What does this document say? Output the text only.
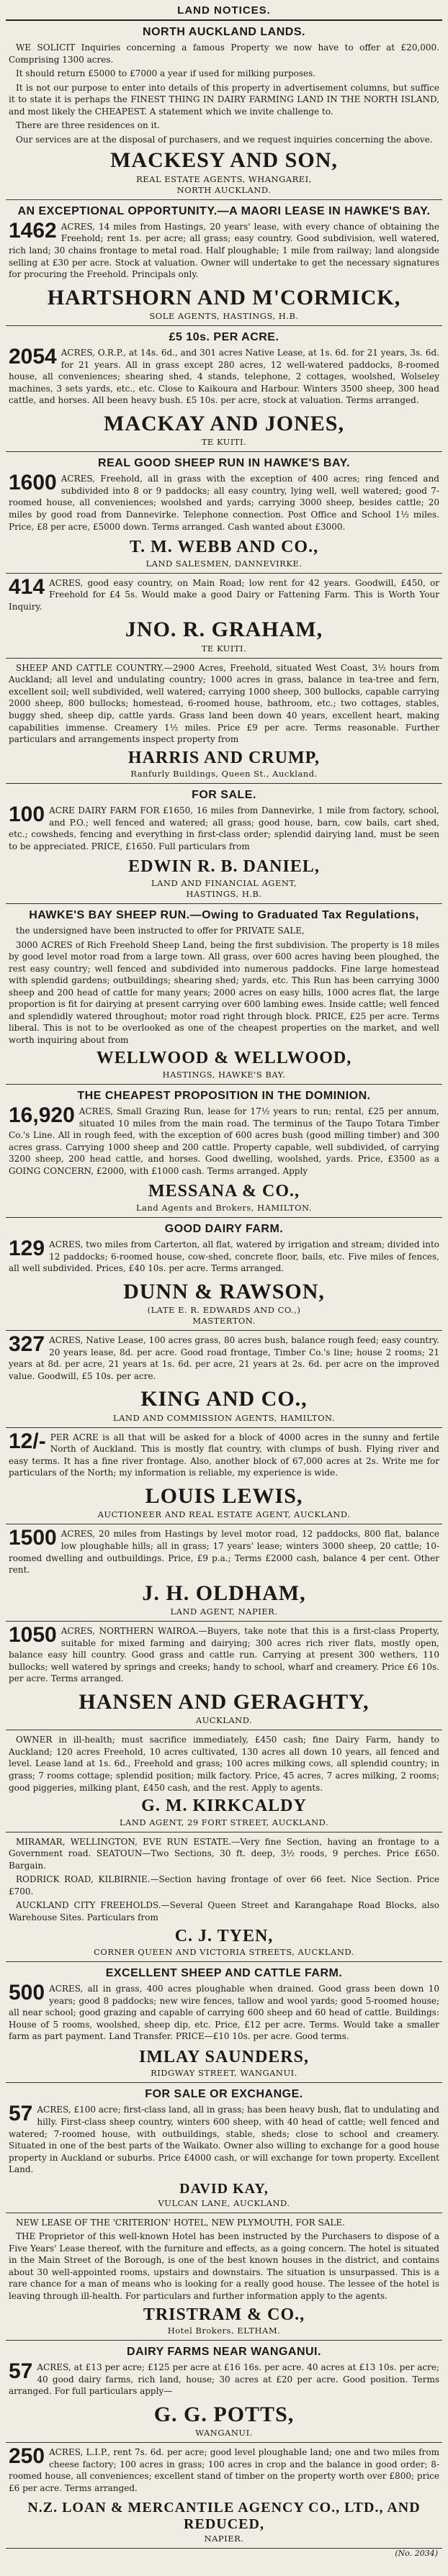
LAND NOTICES.
NORTH AUCKLAND LANDS.

WE SOLICIT Inquiries concerning a famous Property we now have to offer at £20,000. Comprising 1300 acres.

It should return £5000 to £7000 a year if used for milking purposes.

It is not our purpose to enter into details of this property in advertisement columns, but suffice it to state it is perhaps the FINEST THING IN DAIRY FARMING LAND IN THE NORTH ISLAND, and most likely the CHEAPEST. A statement which we invite challenge to.

There are three residences on it.

Our services are at the disposal of purchasers, and we request inquiries concerning the above.

MACKESY AND SON,
REAL ESTATE AGENTS, WHANGAREI,
NORTH AUCKLAND.
AN EXCEPTIONAL OPPORTUNITY.—A MAORI LEASE IN HAWKE'S BAY.

1462 ACRES, 14 miles from Hastings, 20 years' lease, with every chance of obtaining the Freehold; rent 1s. per acre; all grass; easy country. Good subdivision, well watered, rich land; 30 chains frontage to metal road. Half ploughable; 1 mile from railway; land alongside selling at £30 per acre. Stock at valuation. Owner will undertake to get the necessary signatures for procuring the Freehold. Principals only.

HARTSHORN AND M'CORMICK,
SOLE AGENTS, HASTINGS, H.B.
£5 10s. PER ACRE.

2054 ACRES, O.R.P., at 14s. 6d., and 301 acres Native Lease, at 1s. 6d. for 21 years, 3s. 6d. for 21 years. All in grass except 280 acres, 12 well-watered paddocks, 8-roomed house, all conveniences; shearing shed, 4 stands, telephone, 2 cottages, woolshed, Wolseley machines, 3 sets yards, etc., etc. Close to Kaikoura and Harbour. Winters 3500 sheep, 300 head cattle, and horses. All been heavy bush. £5 10s. per acre, stock at valuation. Terms arranged.

MACKAY AND JONES,
TE KUITI.
REAL GOOD SHEEP RUN IN HAWKE'S BAY.

1600 ACRES, Freehold, all in grass with the exception of 400 acres; ring fenced and subdivided into 8 or 9 paddocks; all easy country, lying well, well watered; good 7-roomed house, all conveniences; woolshed and yards; carrying 3000 sheep, besides cattle; 20 miles by good road from Dannevirke. Telephone connection. Post Office and School 1½ miles. Price, £8 per acre, £5000 down. Terms arranged. Cash wanted about £3000.

T. M. WEBB AND CO.,
LAND SALESMEN, DANNEVIRKE.

414 ACRES, good easy country, on Main Road; low rent for 42 years. Goodwill, £450, or Freehold for £4 5s. Would make a good Dairy or Fattening Farm. This is Worth Your Inquiry.

JNO. R. GRAHAM,
TE KUITI.

SHEEP AND CATTLE COUNTRY.—2900 Acres, Freehold, situated West Coast, 3½ hours from Auckland; all level and undulating country; 1000 acres in grass, balance in tea-tree and fern, excellent soil; well subdivided, well watered; carrying 1000 sheep, 300 bullocks, capable carrying 2000 sheep, 800 bullocks; homestead, 6-roomed house, bathroom, etc.; two cottages, stables, buggy shed, sheep dip, cattle yards. Grass land been down 40 years, excellent heart, making capabilities immense. Creamery 1½ miles. Price £9 per acre. Terms reasonable. Further particulars and arrangements inspect property from

HARRIS AND CRUMP,
Ranfurly Buildings, Queen St., Auckland.
FOR SALE.

100 ACRE DAIRY FARM FOR £1650, 16 miles from Dannevirke, 1 mile from factory, school, and P.O.; well fenced and watered; all grass; good house, barn, cow bails, cart shed, etc.; cowsheds, fencing and everything in first-class order; splendid dairying land, must be seen to be appreciated. PRICE, £1650. Full particulars from

EDWIN R. B. DANIEL,
LAND AND FINANCIAL AGENT,
HASTINGS, H.B.
HAWKE'S BAY SHEEP RUN.—Owing to Graduated Tax Regulations,

the undersigned have been instructed to offer for PRIVATE SALE,

3000 ACRES of Rich Freehold Sheep Land, being the first subdivision. The property is 18 miles by good level motor road from a large town. All grass, over 600 acres having been ploughed, the rest easy country; well fenced and subdivided into numerous paddocks. Fine large homestead with splendid gardens; outbuildings; shearing shed; yards, etc. This Run has been carrying 3000 sheep and 200 head of cattle for many years; 2000 acres on easy hills, 1000 acres flat, the large proportion is fit for dairying at present carrying over 600 lambing ewes. Inside cattle; well fenced and splendidly watered throughout; motor road right through block. PRICE, £25 per acre. Terms liberal. This is not to be overlooked as one of the cheapest properties on the market, and well worth inquiring about from

WELLWOOD & WELLWOOD,
HASTINGS, HAWKE'S BAY.
THE CHEAPEST PROPOSITION IN THE DOMINION.

16,920 ACRES, Small Grazing Run, lease for 17½ years to run; rental, £25 per annum, situated 10 miles from the main road. The terminus of the Taupo Totara Timber Co.'s Line. All in rough feed, with the exception of 600 acres bush (good milling timber) and 300 acres grass. Carrying 1000 sheep and 200 cattle. Property capable, well subdivided, of carrying 3200 sheep, 200 head cattle, and horses. Good dwelling, woolshed, yards. Price, £3500 as a GOING CONCERN, £2000, with £1000 cash. Terms arranged. Apply

MESSANA & CO.,
Land Agents and Brokers, HAMILTON.
GOOD DAIRY FARM.

129 ACRES, two miles from Carterton, all flat, watered by irrigation and stream; divided into 12 paddocks; 6-roomed house, cow-shed, concrete floor, bails, etc. Five miles of fences, all well subdivided. Prices, £40 10s. per acre. Terms arranged.

DUNN & RAWSON,
(LATE E. R. EDWARDS AND CO.,)
MASTERTON.

327 ACRES, Native Lease, 100 acres grass, 80 acres bush, balance rough feed; easy country. 20 years lease, 8d. per acre. Good road frontage, Timber Co.'s line; house 2 rooms; 21 years at 8d. per acre, 21 years at 1s. 6d. per acre, 21 years at 2s. 6d. per acre on the improved value. Goodwill, £5 10s. per acre.

KING AND CO.,
LAND AND COMMISSION AGENTS, HAMILTON.

12/- PER ACRE is all that will be asked for a block of 4000 acres in the sunny and fertile North of Auckland. This is mostly flat country, with clumps of bush. Flying river and easy terms. It has a fine river frontage. Also, another block of 67,000 acres at 2s. Write me for particulars of the North; my information is reliable, my experience is wide.

LOUIS LEWIS,
AUCTIONEER AND REAL ESTATE AGENT, AUCKLAND.

1500 ACRES, 20 miles from Hastings by level motor road, 12 paddocks, 800 flat, balance low ploughable hills; all in grass; 17 years' lease; winters 3000 sheep, 20 cattle; 10-roomed dwelling and outbuildings. Price, £9 p.a.; Terms £2000 cash, balance 4 per cent. Other rent.

J. H. OLDHAM,
LAND AGENT, NAPIER.

1050 ACRES, NORTHERN WAIROA.—Buyers, take note that this is a first-class Property, suitable for mixed farming and dairying; 300 acres rich river flats, mostly open, balance easy hill country. Good grass and cattle run. Carrying at present 300 wethers, 110 bullocks; well watered by springs and creeks; handy to school, wharf and creamery. Price £6 10s. per acre. Terms arranged.

HANSEN AND GERAGHTY,
AUCKLAND.

OWNER in ill-health; must sacrifice immediately, £450 cash; fine Dairy Farm, handy to Auckland; 120 acres Freehold, 10 acres cultivated, 130 acres all down 10 years, all fenced and level. Lease land at 1s. 6d., Freehold and grass; 100 acres milking cows, all splendid country; in grass; 7 rooms cottage; splendid position; milk factory. Price, 45 acres, 7 acres milking, 2 rooms; good piggeries, milking plant, £450 cash, and the rest. Apply to agents.

G. M. KIRKCALDY
LAND AGENT, 29 FORT STREET, AUCKLAND.

MIRAMAR, WELLINGTON, EVE RUN ESTATE.—Very fine Section, having an frontage to a Government road. SEATOUN—Two Sections, 30 ft. deep, 3½ roods, 9 perches. Price £650. Bargain.

RODRICK ROAD, KILBIRNIE.—Section having frontage of over 66 feet. Nice Section. Price £700.

AUCKLAND CITY FREEHOLDS.—Several Queen Street and Karangahape Road Blocks, also Warehouse Sites. Particulars from

C. J. TYEN,
CORNER QUEEN AND VICTORIA STREETS, AUCKLAND.
EXCELLENT SHEEP AND CATTLE FARM.

500 ACRES, all in grass, 400 acres ploughable when drained. Good grass been down 10 years; good 8 paddocks; new wire fences, tallow and wool yards; good 5-roomed house; all near school; good grazing and capable of carrying 600 sheep and 60 head of cattle. Buildings: House of 5 rooms, woolshed, sheep dip, etc. Price, £12 per acre. Terms. Would take a smaller farm as part payment. Land Transfer. PRICE—£10 10s. per acre. Good terms.

IMLAY SAUNDERS,
RIDGWAY STREET, WANGANUI.
FOR SALE OR EXCHANGE.

57 ACRES, £100 acre; first-class land, all in grass; has been heavy bush, flat to undulating and hilly. First-class sheep country, winters 600 sheep, with 40 head of cattle; well fenced and watered; 7-roomed house, with outbuildings, stable, sheds; close to school and creamery. Situated in one of the best parts of the Waikato. Owner also willing to exchange for a good house property in Auckland or suburbs. Price £4000 cash, or will exchange for town property. Excellent Land.

DAVID KAY,
VULCAN LANE, AUCKLAND.

NEW LEASE OF THE 'CRITERION' HOTEL, NEW PLYMOUTH, FOR SALE.

THE Proprietor of this well-known Hotel has been instructed by the Purchasers to dispose of a Five Years' Lease thereof, with the furniture and effects, as a going concern. The hotel is situated in the Main Street of the Borough, is one of the best known houses in the district, and contains about 30 well-appointed rooms, upstairs and downstairs. The situation is unsurpassed. This is a rare chance for a man of means who is looking for a really good house. The lessee of the hotel is leaving through ill-health. For particulars and further information apply to the agents.

TRISTRAM & CO.,
Hotel Brokers, ELTHAM.
DAIRY FARMS NEAR WANGANUI.

57 ACRES, at £13 per acre; £125 per acre at £16 16s. per acre. 40 acres at £13 10s. per acre; 40 good dairy farms, rich land, house; 30 acres at £20 per acre. Good position. Terms arranged. For full particulars apply—

G. G. POTTS,
WANGANUI.

250 ACRES, L.I.P., rent 7s. 6d. per acre; good level ploughable land; one and two miles from cheese factory; 100 acres in grass; 100 acres in crop and the balance in good order; 8-roomed house, all conveniences; excellent stand of timber on the property worth over £800; price £6 per acre. Terms arranged.

N.Z. LOAN & MERCANTILE AGENCY CO., LTD., AND REDUCED,
NAPIER.
(No. 2034)
